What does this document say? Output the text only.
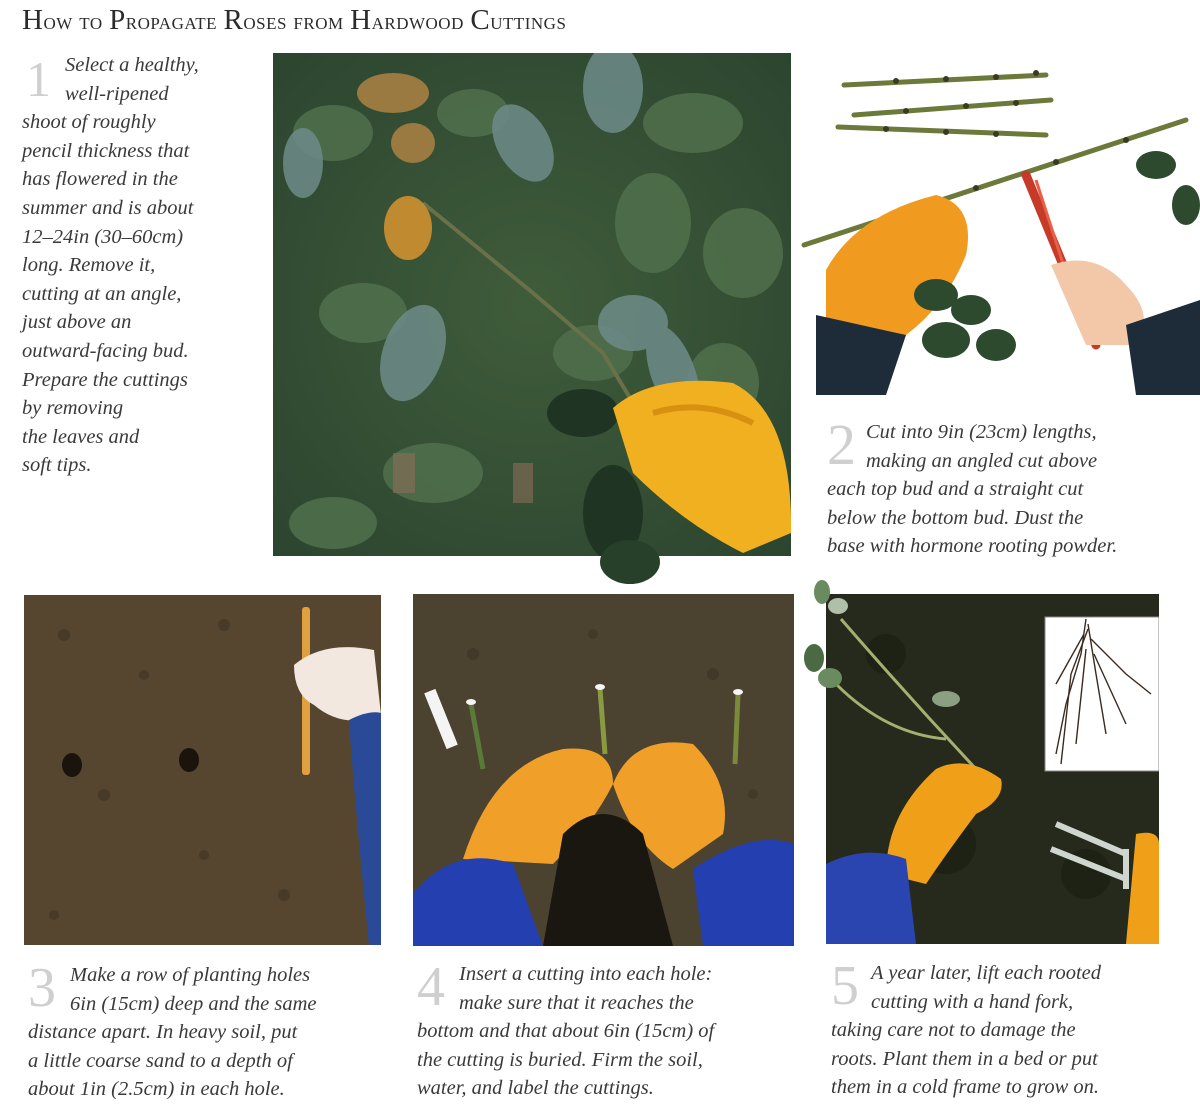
How to Propagate Roses from Hardwood Cuttings
1 Select a healthy,
well-ripened
shoot of roughly
pencil thickness that
has flowered in the
summer and is about
12–24in (30–60cm)
long. Remove it,
cutting at an angle,
just above an
outward-facing bud.
Prepare the cuttings
by removing
the leaves and
soft tips.	2 Cut into 9in (23cm) lengths,
making an angled cut above
each top bud and a straight cut
below the bottom bud. Dust the
base with hormone rooting powder.
3 Make a row of planting holes
6in (15cm) deep and the same
distance apart. In heavy soil, put
a little coarse sand to a depth of
about 1in (2.5cm) in each hole.
4 Insert a cutting into each hole:
make sure that it reaches the
bottom and that about 6in (15cm) of
the cutting is buried. Firm the soil,
water, and label the cuttings.
5 A year later, lift each rooted
cutting with a hand fork,
taking care not to damage the
roots. Plant them in a bed or put
them in a cold frame to grow on.
